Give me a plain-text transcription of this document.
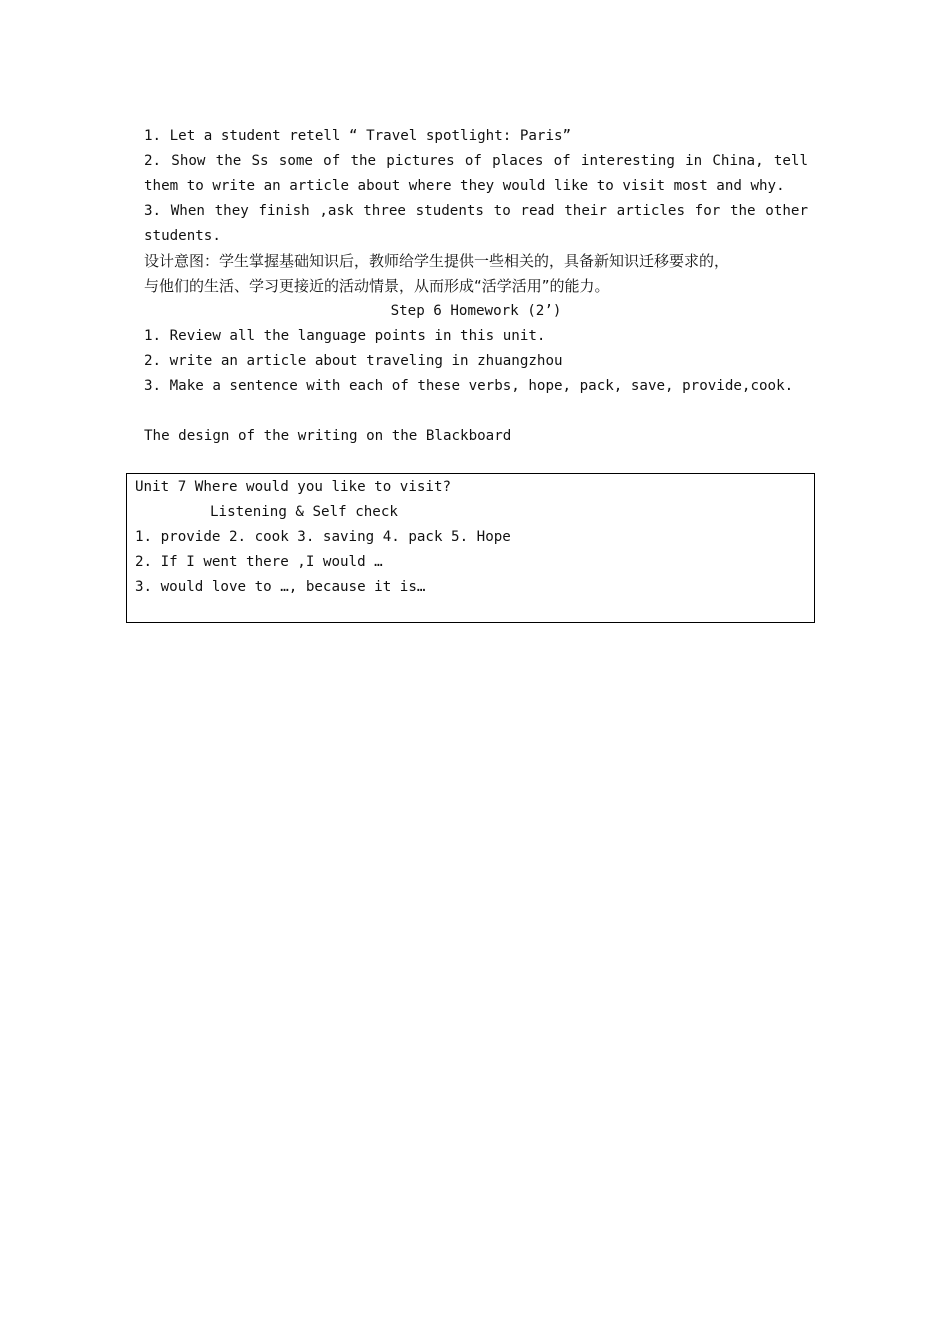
1. Let a student retell “ Travel spotlight: Paris”

2. Show the Ss some of the pictures of places of interesting in China, tell

them to write an article about where they would like to visit most and why.

3. When they finish ,ask three students to read their articles for the other

students.

设计意图：学生掌握基础知识后，教师给学生提供一些相关的，具备新知识迁移要求的，

与他们的生活、学习更接近的活动情景，从而形成“活学活用”的能力。

Step 6 Homework (2’)

1. Review all the language points in this unit.

2. write an article about traveling in zhuangzhou

3. Make a sentence with each of these verbs, hope, pack, save, provide,cook.

The design of the writing on the Blackboard

Unit 7 Where would you like to visit?

Listening & Self check

1. provide 2. cook 3. saving 4. pack 5. Hope

2. If I went there ,I would …

3. would love to …, because it is…
